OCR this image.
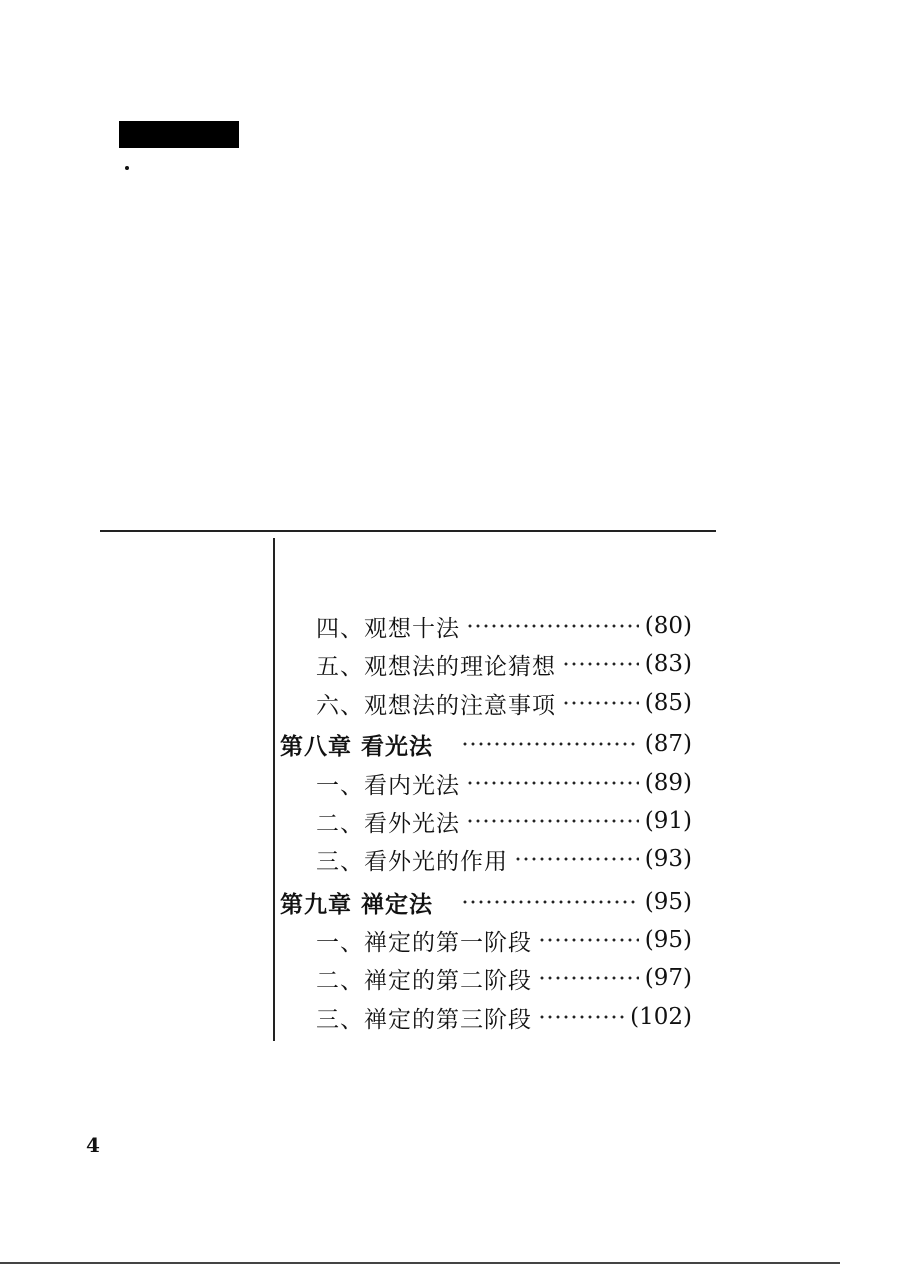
四、观想十法	(80)
五、观想法的理论猜想	(83)
六、观想法的注意事项	(85)
第八章 看光法	(87)
一、看内光法	(89)
二、看外光法	(91)
三、看外光的作用	(93)
第九章 禅定法	(95)
一、禅定的第一阶段	(95)
二、禅定的第二阶段	(97)
三、禅定的第三阶段	(102)
4
